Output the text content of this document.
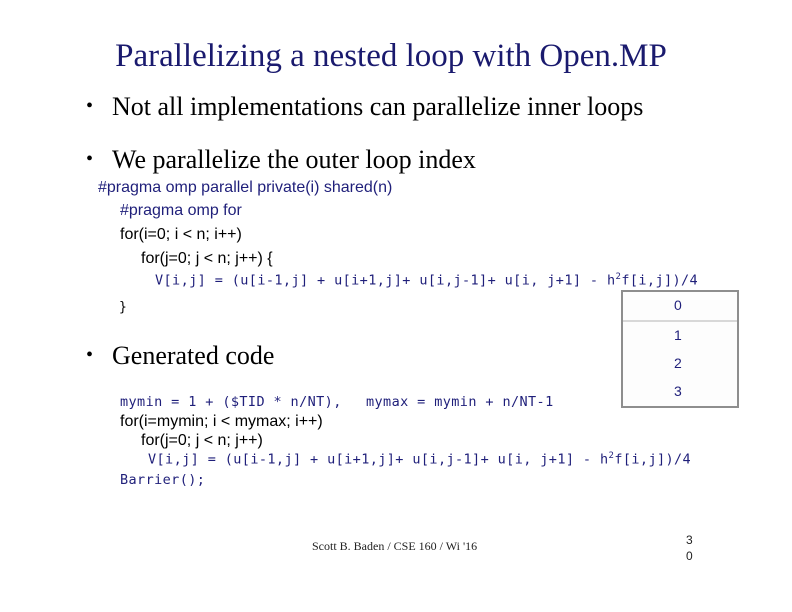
Parallelizing a nested loop with Open.MP
• Not all implementations can parallelize inner loops
• We parallelize the outer loop index
#pragma omp parallel private(i) shared(n)
#pragma omp for
for(i=0; i < n; i++)
for(j=0; j < n; j++) {
V[i,j] = (u[i-1,j] + u[i+1,j]+ u[i,j-1]+ u[i, $j+1] - h^2f[i,j])/4$
}	0
1
2
3
• Generated code
mymin = 1 + ($TID * n/NT), mymax = mymin + n/NT-1
for(i=mymin; i < mymax; i++)
for(j=0; j < n; j++)
V[i,j] = (u[i-1,j] + u[i+1,j]+ u[i,j-1]+ u[i, $j+1] - h^2f[i,j])/4$
Barrier();
Scott B. Baden / CSE 160 / Wi '16	3
0
